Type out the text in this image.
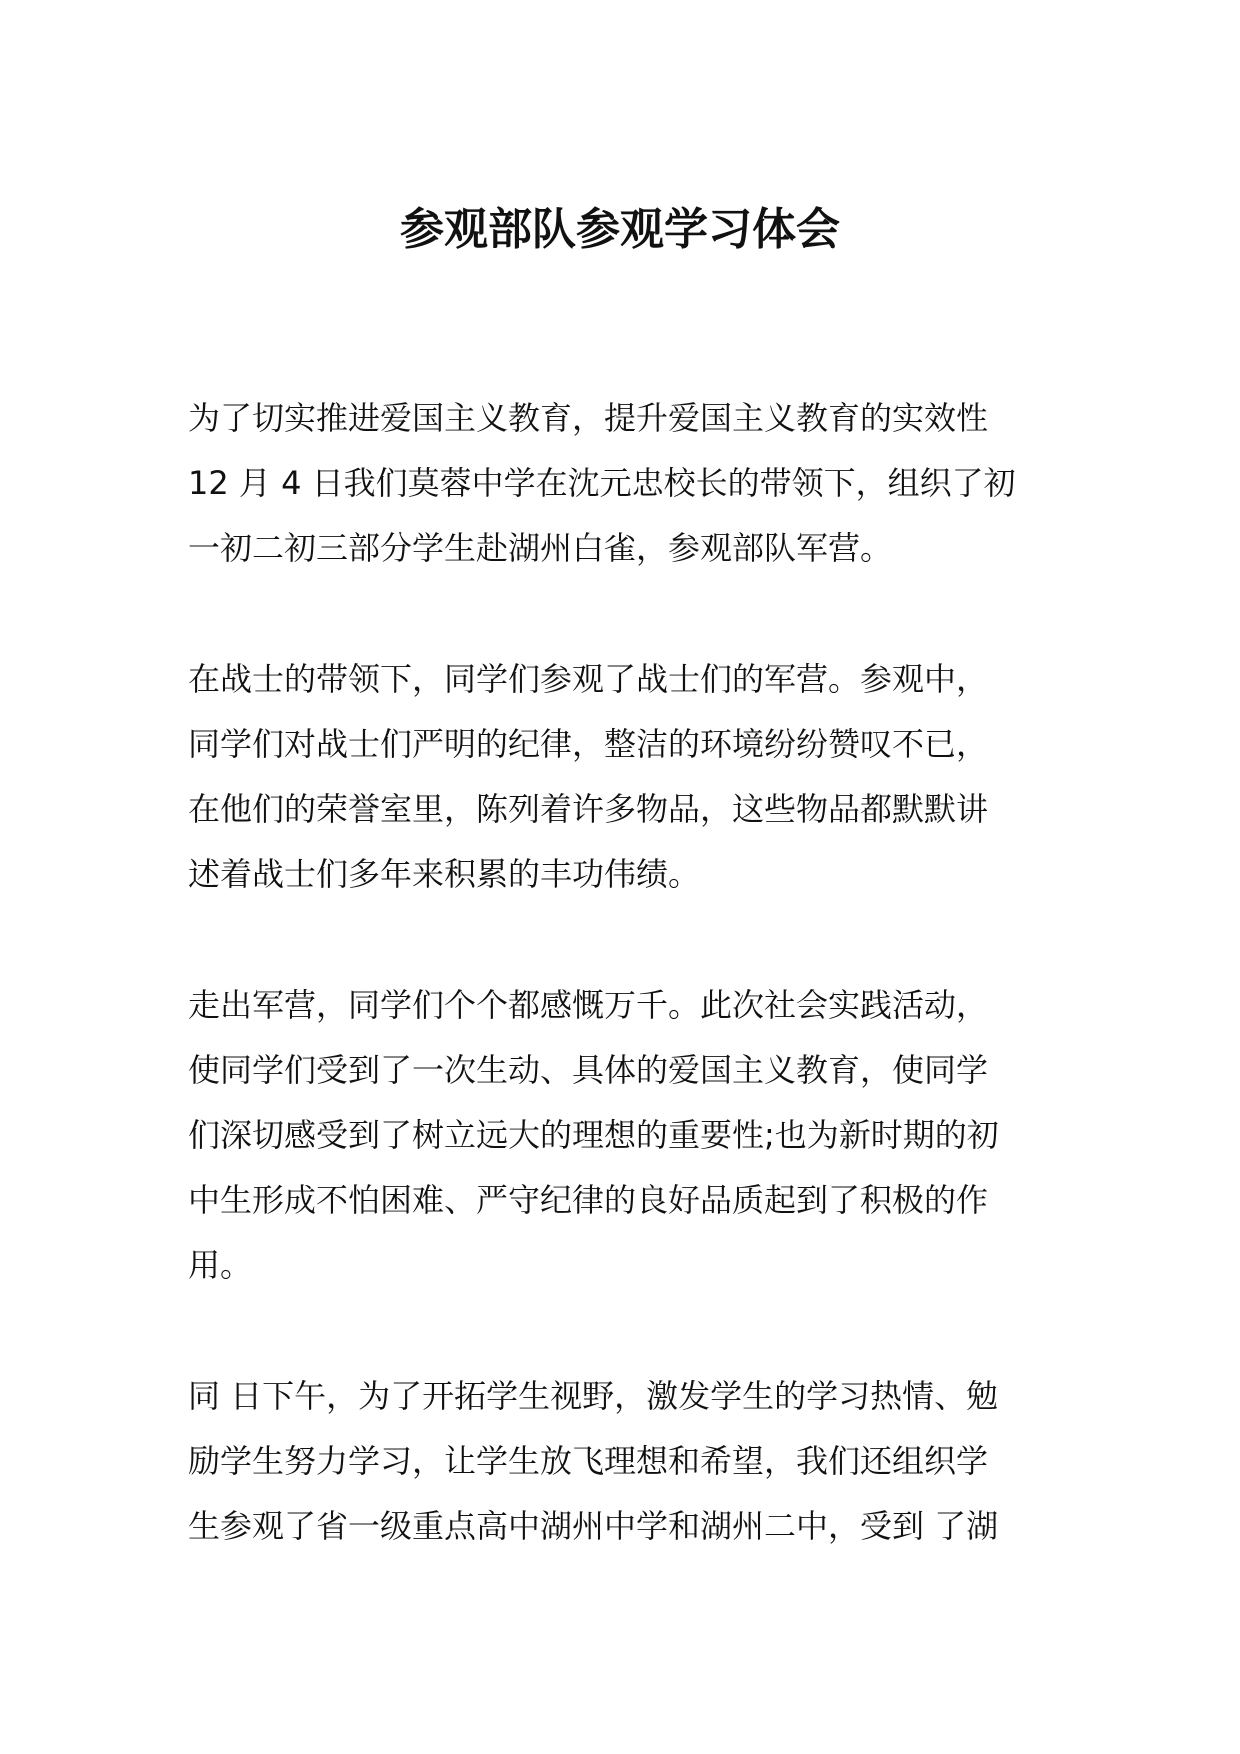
参观部队参观学习体会

为了切实推进爱国主义教育，提升爱国主义教育的实效性
12 月 4 日我们莫蓉中学在沈元忠校长的带领下，组织了初
一初二初三部分学生赴湖州白雀，参观部队军营。

在战士的带领下，同学们参观了战士们的军营。参观中，
同学们对战士们严明的纪律，整洁的环境纷纷赞叹不已，
在他们的荣誉室里，陈列着许多物品，这些物品都默默讲
述着战士们多年来积累的丰功伟绩。

走出军营，同学们个个都感慨万千。此次社会实践活动，
使同学们受到了一次生动、具体的爱国主义教育，使同学
们深切感受到了树立远大的理想的重要性;也为新时期的初
中生形成不怕困难、严守纪律的良好品质起到了积极的作
用。

同 日下午，为了开拓学生视野，激发学生的学习热情、勉
励学生努力学习，让学生放飞理想和希望，我们还组织学
生参观了省一级重点高中湖州中学和湖州二中，受到 了湖
